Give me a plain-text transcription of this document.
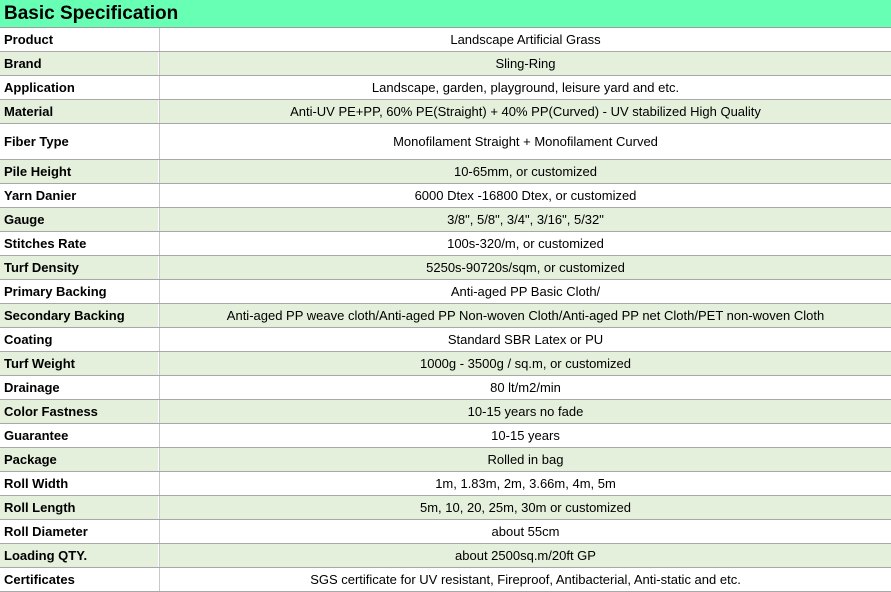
Basic Specification
Product	Landscape Artificial Grass
Brand	Sling-Ring
Application	Landscape, garden, playground, leisure yard and etc.
Material	Anti-UV PE+PP, 60% PE(Straight) + 40% PP(Curved) - UV stabilized High Quality
Fiber Type	Monofilament Straight + Monofilament Curved
Pile Height	10-65mm, or customized
Yarn Danier	6000 Dtex -16800 Dtex, or customized
Gauge	3/8", 5/8", 3/4", 3/16", 5/32"
Stitches Rate	100s-320/m, or customized
Turf Density	5250s-90720s/sqm, or customized
Primary Backing	Anti-aged PP Basic Cloth/
Secondary Backing	Anti-aged PP weave cloth/Anti-aged PP Non-woven Cloth/Anti-aged PP net Cloth/PET non-woven Cloth
Coating	Standard SBR Latex or PU
Turf Weight	1000g - 3500g / sq.m, or customized
Drainage	80 lt/m2/min
Color Fastness	10-15 years no fade
Guarantee	10-15 years
Package	Rolled in bag
Roll Width	1m, 1.83m, 2m, 3.66m, 4m, 5m
Roll Length	5m, 10, 20, 25m, 30m or customized
Roll Diameter	about 55cm
Loading QTY.	about 2500sq.m/20ft GP
Certificates	SGS certificate for UV resistant, Fireproof, Antibacterial, Anti-static and etc.
